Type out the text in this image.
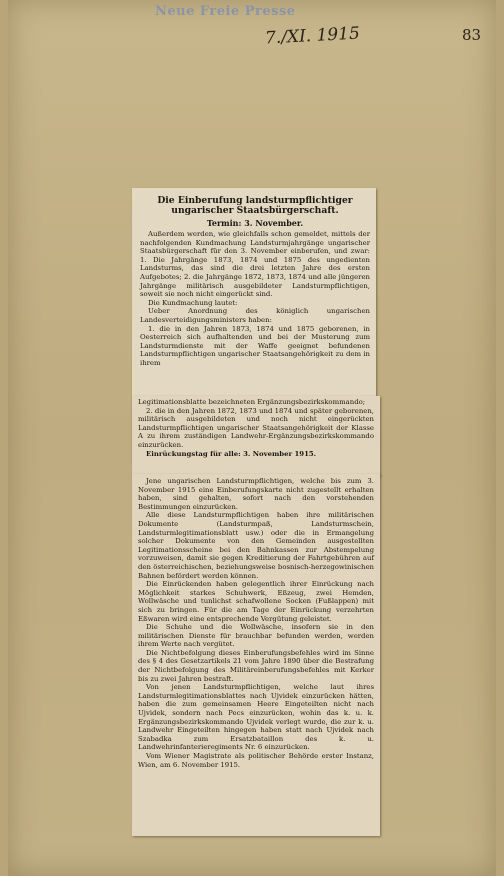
Neue Freie Presse
7./XI. 1915	83
Die Einberufung landsturmpflichtiger ungarischer Staatsbürgerschaft.
Termin: 3. November.

Außerdem werden, wie gleichfalls schon gemeldet, mittels der nachfolgenden Kundmachung Landsturmjahrgänge ungarischer Staatsbürgerschaft für den 3. November einberufen, und zwar: 1. Die Jahrgänge 1873, 1874 und 1875 des ungedienten Landsturms, das sind die drei letzten Jahre des ersten Aufgebotes; 2. die Jahrgänge 1872, 1873, 1874 und alle jüngeren Jahrgänge militärisch ausgebildeter Landsturmpflichtigen, soweit sie noch nicht eingerückt sind.

Die Kundmachung lautet:

Ueber Anordnung des königlich ungarischen Landesverteidigungsministers haben:

1. die in den Jahren 1873, 1874 und 1875 geborenen, in Oesterreich sich aufhaltenden und bei der Musterung zum Landsturmdienste mit der Waffe geeignet befundenen Landsturmpflichtigen ungarischer Staatsangehörigkeit zu dem in ihrem

Legitimationsblatte bezeichneten Ergänzungsbezirkskommando;

2. die in den Jahren 1872, 1873 und 1874 und später geborenen, militärisch ausgebildeten und noch nicht eingerückten Landsturmpflichtigen ungarischer Staatsangehörigkeit der Klasse A zu ihrem zuständigen Landwehr-Ergänzungsbezirkskommando einzurücken.

Einrückungstag für alle: 3. November 1915.

Jene ungarischen Landsturmpflichtigen, welche bis zum 3. November 1915 eine Einberufungskarte nicht zugestellt erhalten haben, sind gehalten, sofort nach den vorstehenden Bestimmungen einzurücken.

Alle diese Landsturmpflichtigen haben ihre militärischen Dokumente (Landsturmpaß, Landsturmschein, Landsturmlegitimationsblatt usw.) oder die in Ermangelung solcher Dokumente von den Gemeinden ausgestellten Legitimationsscheine bei den Bahnkassen zur Abstempelung vorzuweisen, damit sie gegen Kreditierung der Fahrtgebühren auf den österreichischen, beziehungsweise bosnisch-herzegowinischen Bahnen befördert werden können.

Die Einrückenden haben gelegentlich ihrer Einrückung nach Möglichkeit starkes Schuhwerk, Eßzeug, zwei Hemden, Wollwäsche und tunlichst schafwollene Socken (Fußlappen) mit sich zu bringen. Für die am Tage der Einrückung verzehrten Eßwaren wird eine entsprechende Vergütung geleistet.

Die Schuhe und die Wollwäsche, insofern sie in den militärischen Dienste für brauchbar befunden werden, werden ihrem Werte nach vergütet.

Die Nichtbefolgung dieses Einberufungsbefehles wird im Sinne des § 4 des Gesetzartikels 21 vom Jahre 1890 über die Bestrafung der Nichtbefolgung des Militäreinberufungsbefehles mit Kerker bis zu zwei Jahren bestraft.

Von jenen Landsturmpflichtigen, welche laut ihres Landsturmlegitimationsblattes nach Ujvidek einzurücken hätten, haben die zum gemeinsamen Heere Eingeteilten nicht nach Ujvidek, sondern nach Pecs einzurücken, wohin das k. u. k. Ergänzungsbezirkskommando Ujvidek verlegt wurde, die zur k. u. Landwehr Eingeteilten hingegen haben statt nach Ujvidek nach Szabadka zum Ersatzbataillon des k. u. Landwehrinfanterieregiments Nr. 6 einzurücken.

Vom Wiener Magistrate als politischer Behörde erster Instanz, Wien, am 6. November 1915.
